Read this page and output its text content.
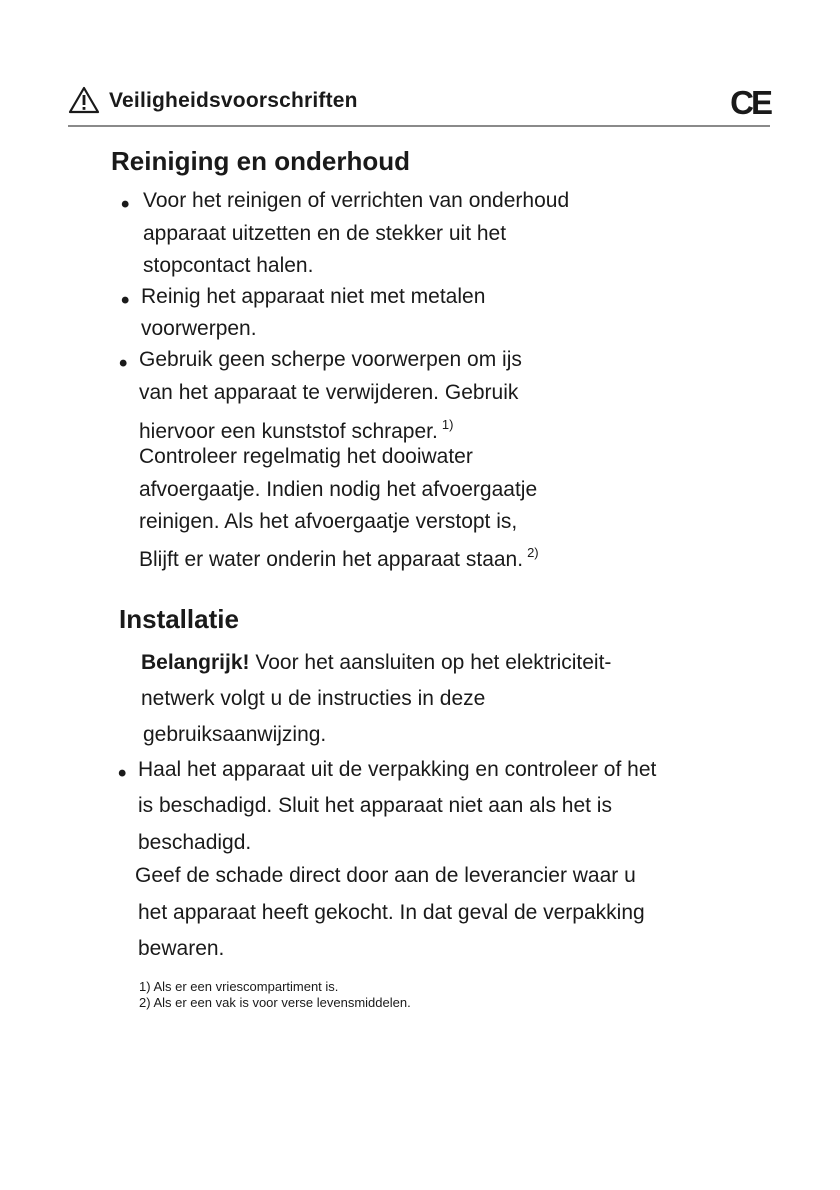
Veiligheidsvoorschriften	CE
Reiniging en onderhoud
• Voor het reinigen of verrichten van onderhoud
apparaat uitzetten en de stekker uit het
stopcontact halen.
• Reinig het apparaat niet met metalen
voorwerpen.
• Gebruik geen scherpe voorwerpen om ijs
van het apparaat te verwijderen. Gebruik
hiervoor een kunststof schraper. $^{1)}$
Controleer regelmatig het dooiwater
afvoergaatje. Indien nodig het afvoergaatje
reinigen. Als het afvoergaatje verstopt is,
Blijft er water onderin het apparaat staan. $^{2)}$
Installatie
Belangrijk! Voor het aansluiten op het elektriciteit-
netwerk volgt u de instructies in deze
gebruiksaanwijzing.
• Haal het apparaat uit de verpakking en controleer of het
is beschadigd. Sluit het apparaat niet aan als het is
beschadigd.
Geef de schade direct door aan de leverancier waar u
het apparaat heeft gekocht. In dat geval de verpakking
bewaren.
1) Als er een vriescompartiment is.
2) Als er een vak is voor verse levensmiddelen.
